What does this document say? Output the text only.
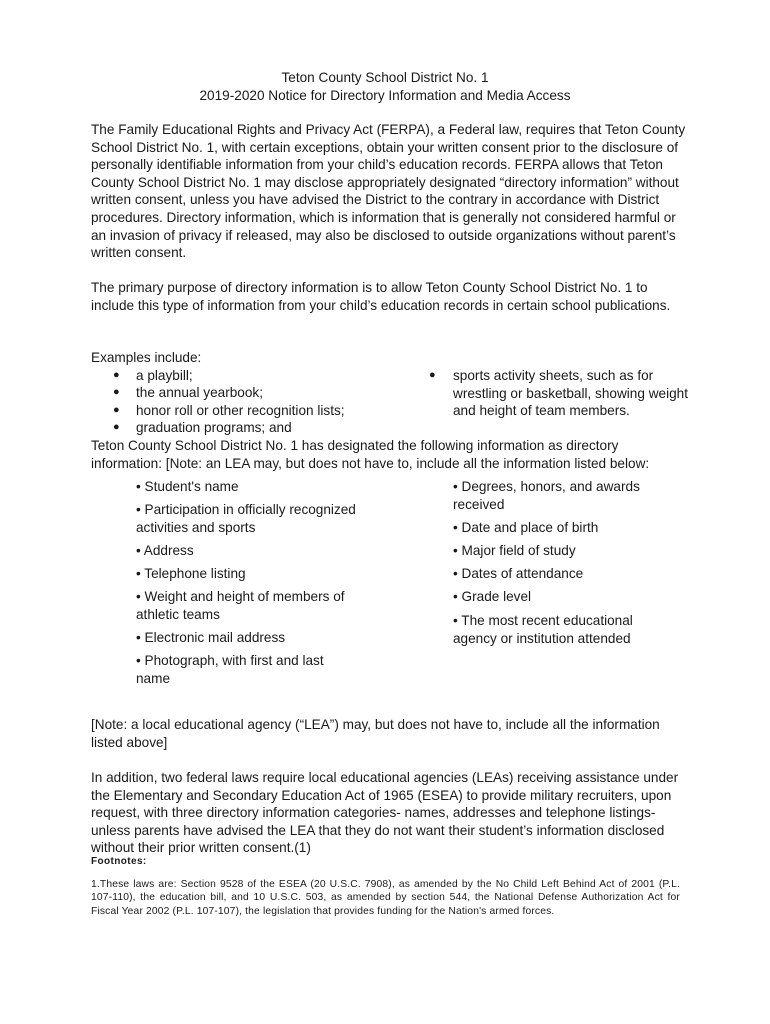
Teton County School District No. 1
2019-2020 Notice for Directory Information and Media Access
The Family Educational Rights and Privacy Act (FERPA), a Federal law, requires that Teton County School District No. 1, with certain exceptions, obtain your written consent prior to the disclosure of personally identifiable information from your child’s education records. FERPA allows that Teton County School District No. 1 may disclose appropriately designated “directory information” without written consent, unless you have advised the District to the contrary in accordance with District procedures. Directory information, which is information that is generally not considered harmful or an invasion of privacy if released, may also be disclosed to outside organizations without parent’s written consent.
The primary purpose of directory information is to allow Teton County School District No. 1 to include this type of information from your child’s education records in certain school publications.
Examples include:
● a playbill;
● the annual yearbook;
● honor roll or other recognition lists;
● graduation programs; and
● sports activity sheets, such as for wrestling or basketball, showing weight and height of team members.
Teton County School District No. 1 has designated the following information as directory information: [Note: an LEA may, but does not have to, include all the information listed below:
• Student's name
• Participation in officially recognized activities and sports
• Address
• Telephone listing
• Weight and height of members of athletic teams
• Electronic mail address
• Photograph, with first and last name
• Degrees, honors, and awards received
• Date and place of birth
• Major field of study
• Dates of attendance
• Grade level
• The most recent educational agency or institution attended
[Note: a local educational agency (“LEA”) may, but does not have to, include all the information listed above]
In addition, two federal laws require local educational agencies (LEAs) receiving assistance under the Elementary and Secondary Education Act of 1965 (ESEA) to provide military recruiters, upon request, with three directory information categories- names, addresses and telephone listings- unless parents have advised the LEA that they do not want their student’s information disclosed without their prior written consent.(1)
Footnotes:
1.These laws are: Section 9528 of the ESEA (20 U.S.C. 7908), as amended by the No Child Left Behind Act of 2001 (P.L. 107-110), the education bill, and 10 U.S.C. 503, as amended by section 544, the National Defense Authorization Act for Fiscal Year 2002 (P.L. 107-107), the legislation that provides funding for the Nation's armed forces.
